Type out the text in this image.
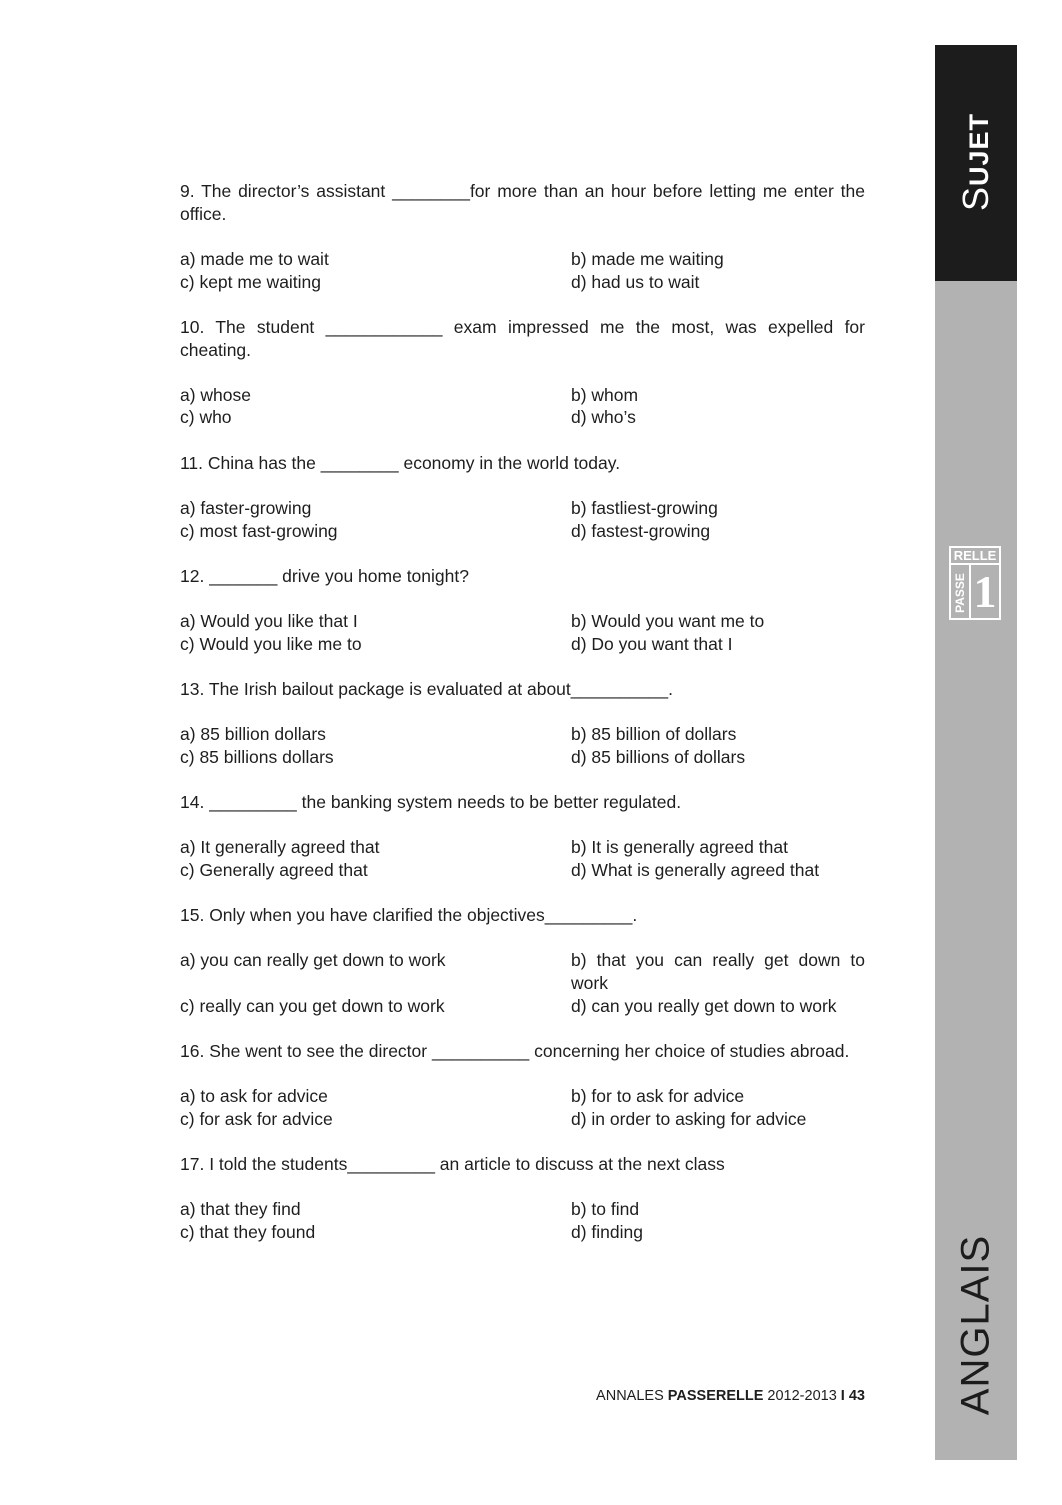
SUJET
RELLE
PASSE 1
ANGLAIS
9. The director’s assistant ________for more than an hour before letting me enter the office.
a) made me to wait	b) made me waiting
c) kept me waiting	d) had us to wait
10. The student ____________ exam impressed me the most, was expelled for cheating.
a) whose	b) whom
c) who	d) who’s
11. China has the ________ economy in the world today.
a) faster-growing	b) fastliest-growing
c) most fast-growing	d) fastest-growing
12. _______ drive you home tonight?
a) Would you like that I	b) Would you want me to
c) Would you like me to	d) Do you want that I
13. The Irish bailout package is evaluated at about__________.
a) 85 billion dollars	b) 85 billion of dollars
c) 85 billions dollars	d) 85 billions of dollars
14. _________ the banking system needs to be better regulated.
a) It generally agreed that	b) It is generally agreed that
c) Generally agreed that	d) What is generally agreed that
15. Only when you have clarified the objectives_________.
a) you can really get down to work	b) that you can really get down to work
c) really can you get down to work	d) can you really get down to work
16. She went to see the director __________ concerning her choice of studies abroad.
a) to ask for advice	b) for to ask for advice
c) for ask for advice	d) in order to asking for advice
17. I told the students_________ an article to discuss at the next class
a) that they find	b) to find
c) that they found	d) finding
ANNALES PASSERELLE 2012-2013 I 43
